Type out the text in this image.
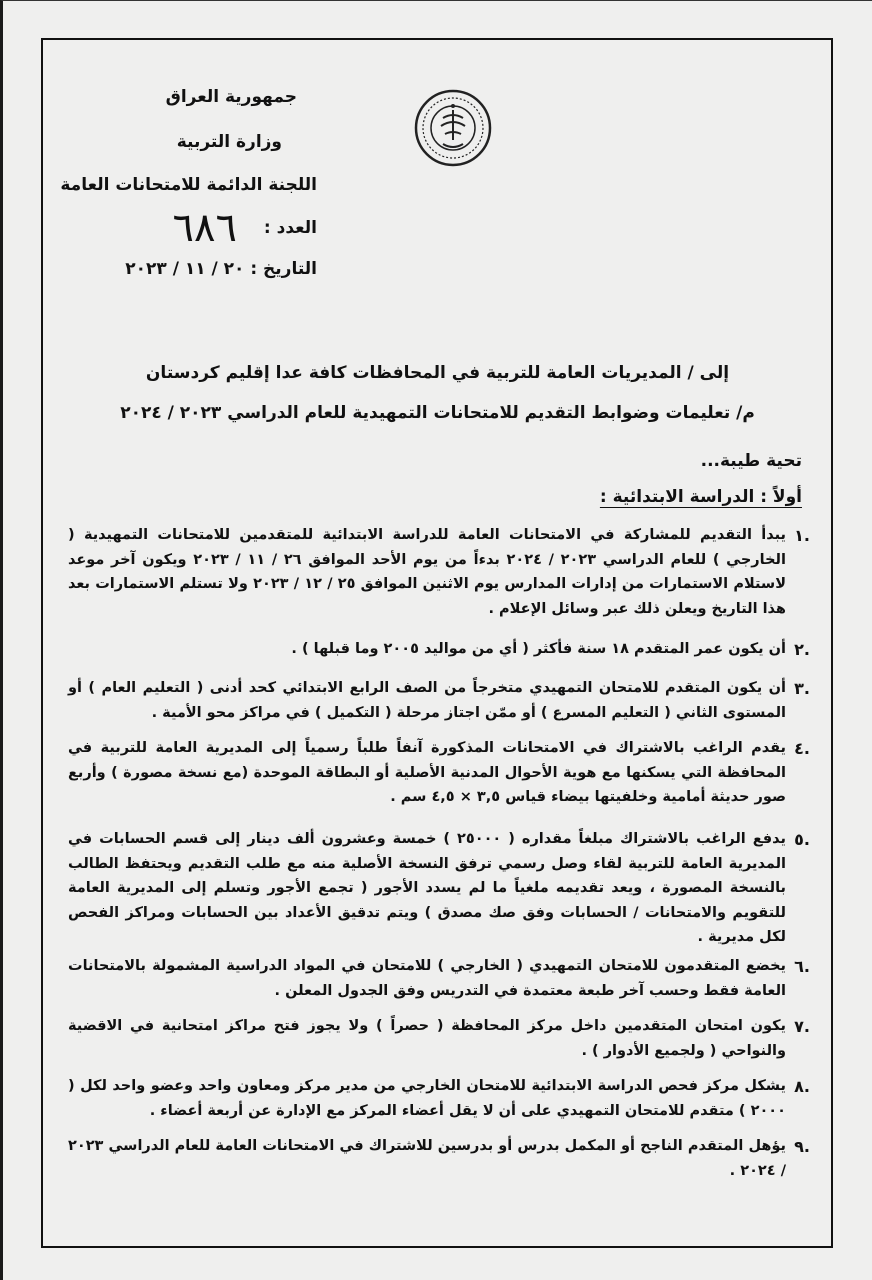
جمهورية العراق

وزارة التربية

اللجنة الدائمة للامتحانات العامة

العدد :
٦٨٦
التاريخ : ٢٠ / ١١ / ٢٠٢٣
إلى / المديريات العامة للتربية في المحافظات كافة عدا إقليم كردستان
م/ تعليمات وضوابط التقديم للامتحانات التمهيدية للعام الدراسي ٢٠٢٣ / ٢٠٢٤
تحية طيبة...
أولاً : الدراسة الابتدائية :
.١
يبدأ التقديم للمشاركة في الامتحانات العامة للدراسة الابتدائية للمتقدمين للامتحانات التمهيدية ( الخارجي ) للعام الدراسي ٢٠٢٣ / ٢٠٢٤ بدءاً من يوم الأحد الموافق ٢٦ / ١١ / ٢٠٢٣ ويكون آخر موعد لاستلام الاستمارات من إدارات المدارس يوم الاثنين الموافق ٢٥ / ١٢ / ٢٠٢٣ ولا تستلم الاستمارات بعد هذا التاريخ ويعلن ذلك عبر وسائل الإعلام .
.٢
أن يكون عمر المتقدم ١٨ سنة فأكثر ( أي من مواليد ٢٠٠٥ وما قبلها ) .
.٣
أن يكون المتقدم للامتحان التمهيدي متخرجاً من الصف الرابع الابتدائي كحد أدنى ( التعليم العام ) أو المستوى الثاني ( التعليم المسرع ) أو ممّن اجتاز مرحلة ( التكميل ) في مراكز محو الأمية .
.٤
يقدم الراغب بالاشتراك في الامتحانات المذكورة آنفاً طلباً رسمياً إلى المديرية العامة للتربية في المحافظة التي يسكنها مع هوية الأحوال المدنية الأصلية أو البطاقة الموحدة (مع نسخة مصورة ) وأربع صور حديثة أمامية وخلفيتها بيضاء قياس ٣,٥ × ٤,٥ سم .
.٥
يدفع الراغب بالاشتراك مبلغاً مقداره ( ٢٥٠٠٠ ) خمسة وعشرون ألف دينار إلى قسم الحسابات في المديرية العامة للتربية لقاء وصل رسمي ترفق النسخة الأصلية منه مع طلب التقديم ويحتفظ الطالب بالنسخة المصورة ، ويعد تقديمه ملغياً ما لم يسدد الأجور ( تجمع الأجور وتسلم إلى المديرية العامة للتقويم والامتحانات / الحسابات وفق صك مصدق ) ويتم تدقيق الأعداد بين الحسابات ومراكز الفحص لكل مديرية .
.٦
يخضع المتقدمون للامتحان التمهيدي ( الخارجي ) للامتحان في المواد الدراسية المشمولة بالامتحانات العامة فقط وحسب آخر طبعة معتمدة في التدريس وفق الجدول المعلن .
.٧
يكون امتحان المتقدمين داخل مركز المحافظة ( حصراً ) ولا يجوز فتح مراكز امتحانية في الاقضية والنواحي ( ولجميع الأدوار ) .
.٨
يشكل مركز فحص الدراسة الابتدائية للامتحان الخارجي من مدير مركز ومعاون واحد وعضو واحد لكل ( ٢٠٠٠ ) متقدم للامتحان التمهيدي على أن لا يقل أعضاء المركز مع الإدارة عن أربعة أعضاء .
.٩
يؤهل المتقدم الناجح أو المكمل بدرس أو بدرسين للاشتراك في الامتحانات العامة للعام الدراسي ٢٠٢٣ / ٢٠٢٤ .
